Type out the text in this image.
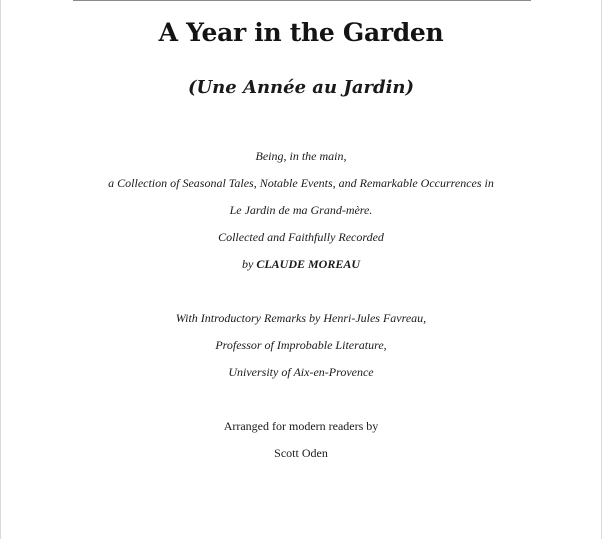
A Year in the Garden
(Une Année au Jardin)
Being, in the main,
a Collection of Seasonal Tales, Notable Events, and Remarkable Occurrences in
Le Jardin de ma Grand-mère.
Collected and Faithfully Recorded
by CLAUDE MOREAU
With Introductory Remarks by Henri-Jules Favreau,
Professor of Improbable Literature,
University of Aix-en-Provence
Arranged for modern readers by
Scott Oden
